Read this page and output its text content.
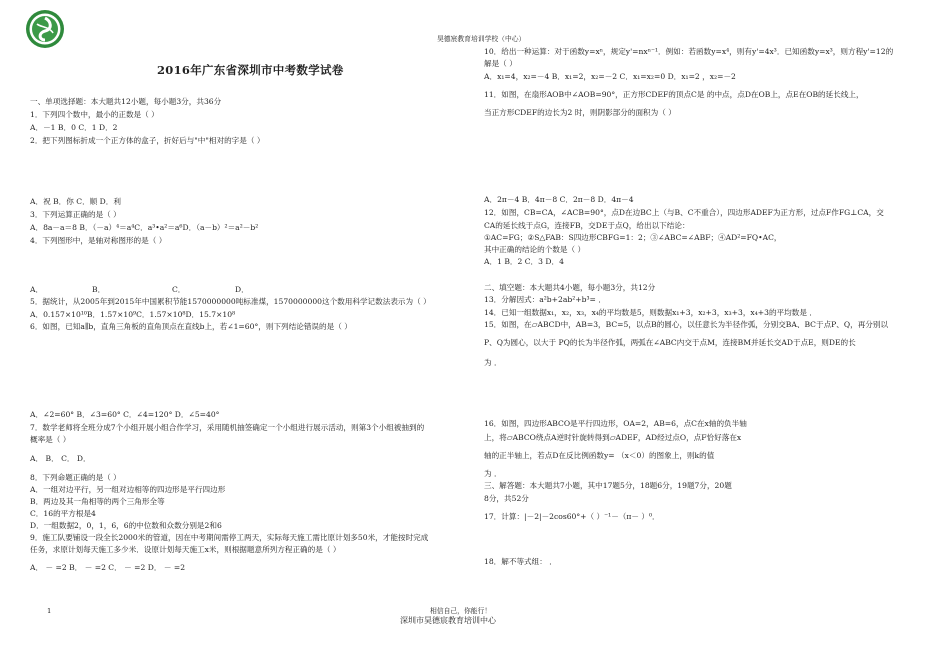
昊德宸教育培训学校（中心）
2016年广东省深圳市中考数学试卷
一、单项选择题：本大题共12小题，每小题3分，共36分
1．下列四个数中，最小的正数是（ ）
A．－1 B．0 C．1 D．2
2．把下列图标折成一个正方体的盒子，折好后与"中"相对的字是（ ）
A．祝 B．你 C．顺 D．利
3．下列运算正确的是（ ）
A．8a－a＝8 B．（－a）⁴＝a⁴C．a³•a²＝a⁶D．（a－b）²＝a²－b²
4．下列图形中，是轴对称图形的是（ ）
A．	B．	C．	D．
5．据统计，从2005年到2015年中国累积节能1570000000吨标准煤，1570000000这个数用科学记数法表示为（ ）
A．0.157×10¹⁰B．1.57×10⁹C．1.57×10⁸D．15.7×10⁸
6．如图，已知a∥b，直角三角板的直角顶点在直线b上，若∠1=60°，则下列结论错误的是（ ）
A．∠2=60° B．∠3=60° C．∠4=120° D．∠5=40°
7．数学老师将全班分成7个小组开展小组合作学习，采用随机抽签确定一个小组进行展示活动，则第3个小组被抽到的
概率是（ ）
A． B． C． D．
8．下列命题正确的是（ ）
A．一组对边平行，另一组对边相等的四边形是平行四边形
B．两边及其一角相等的两个三角形全等
C．16的平方根是4
D．一组数据2，0，1，6，6的中位数和众数分别是2和6
9．施工队要铺设一段全长2000米的管道，因在中考期间需停工两天，实际每天施工需比原计划多50米，才能按时完成
任务，求原计划每天施工多少米．设原计划每天施工x米，则根据题意所列方程正确的是（ ）
A． － =2 B． － =2 C． － =2 D． － =2
10．给出一种运算：对于函数y=xⁿ，规定y'=nxⁿ⁻¹．例如：若函数y=x⁴，则有y'=4x³．已知函数y=x³，则方程y'=12的
解是（ ）
A．x₁=4，x₂=－4 B．x₁=2，x₂=－2 C．x₁=x₂=0 D．x₁=2 ，x₂=－2
11．如图，在扇形AOB中∠AOB=90°，正方形CDEF的顶点C是 的中点，点D在OB上，点E在OB的延长线上，
当正方形CDEF的边长为2 时，则阴影部分的面积为（ ）
A．2π－4 B．4π－8 C．2π－8 D．4π－4
12．如图，CB=CA，∠ACB=90°，点D在边BC上（与B、C不重合），四边形ADEF为正方形，过点F作FG⊥CA，交
CA的延长线于点G，连接FB，交DE于点Q，给出以下结论：
①AC=FG；②S△FAB：S四边形CBFG=1：2；③∠ABC=∠ABF；④AD²=FQ•AC，
其中正确的结论的个数是（ ）
A．1 B．2 C．3 D．4
二、填空题：本大题共4小题，每小题3分，共12分
13．分解因式：a²b+2ab²+b³= ．
14．已知一组数据x₁，x₂，x₃，x₄的平均数是5，则数据x₁+3，x₂+3，x₃+3，x₄+3的平均数是 ．
15．如图，在▱ABCD中，AB=3，BC=5，以点B的圆心，以任意长为半径作弧，分别交BA、BC于点P、Q，再分别以
P、Q为圆心，以大于 PQ的长为半径作弧，两弧在∠ABC内交于点M，连接BM并延长交AD于点E，则DE的长
为 ．
16．如图，四边形ABCO是平行四边形，OA=2，AB=6，点C在x轴的负半轴
上，将▱ABCO绕点A逆时针旋转得到▱ADEF，AD经过点O，点F恰好落在x
轴的正半轴上，若点D在反比例函数y= （x＜0）的图象上，则k的值
为 ．
三、解答题：本大题共7小题，其中17题5分，18题6分，19题7分，20题
8分，共52分
17．计算：|－2|－2cos60°+（ ）⁻¹－（π－ ）⁰．
18．解不等式组： ．
1	相信自己，你能行！
深圳市昊德宸教育培训中心
